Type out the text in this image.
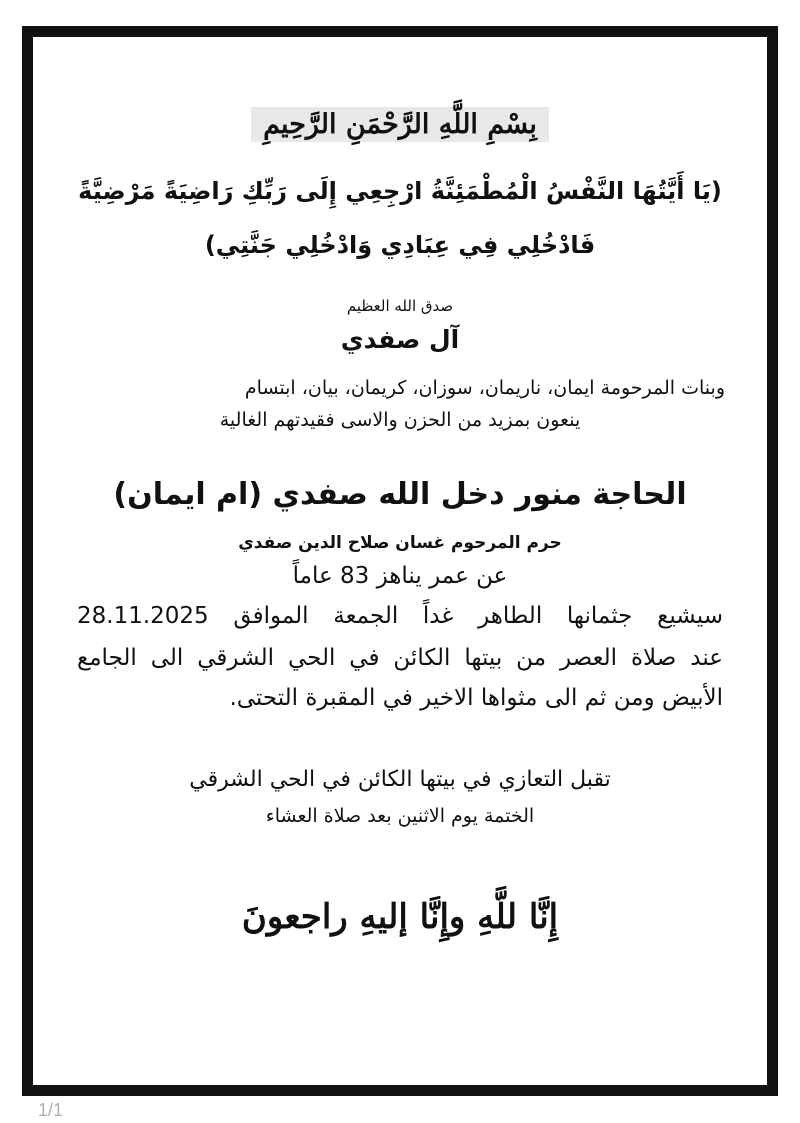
بِسْمِ اللَّهِ الرَّحْمَنِ الرَّحِيمِ
(يَا أَيَّتُهَا النَّفْسُ الْمُطْمَئِنَّةُ ارْجِعِي إِلَى رَبِّكِ رَاضِيَةً مَرْضِيَّةً
فَادْخُلِي فِي عِبَادِي وَادْخُلِي جَنَّتِي)
صدق الله العظيم
آل صفدي
وبنات المرحومة ايمان، ناريمان، سوزان، كريمان، بيان، ابتسام
ينعون بمزيد من الحزن والاسى فقيدتهم الغالية
الحاجة منور دخل الله صفدي (ام ايمان)
حرم المرحوم غسان صلاح الدين صفدي
عن عمر يناهز 83 عاماً
سيشيع جثمانها الطاهر غداً الجمعة الموافق 28.11.2025
عند صلاة العصر من بيتها الكائن في الحي الشرقي الى الجامع
الأبيض ومن ثم الى مثواها الاخير في المقبرة التحتى.
تقبل التعازي في بيتها الكائن في الحي الشرقي
الختمة يوم الاثنين بعد صلاة العشاء
إِنَّا للَّهِ وإِنَّا إليهِ راجعونَ
1/1
